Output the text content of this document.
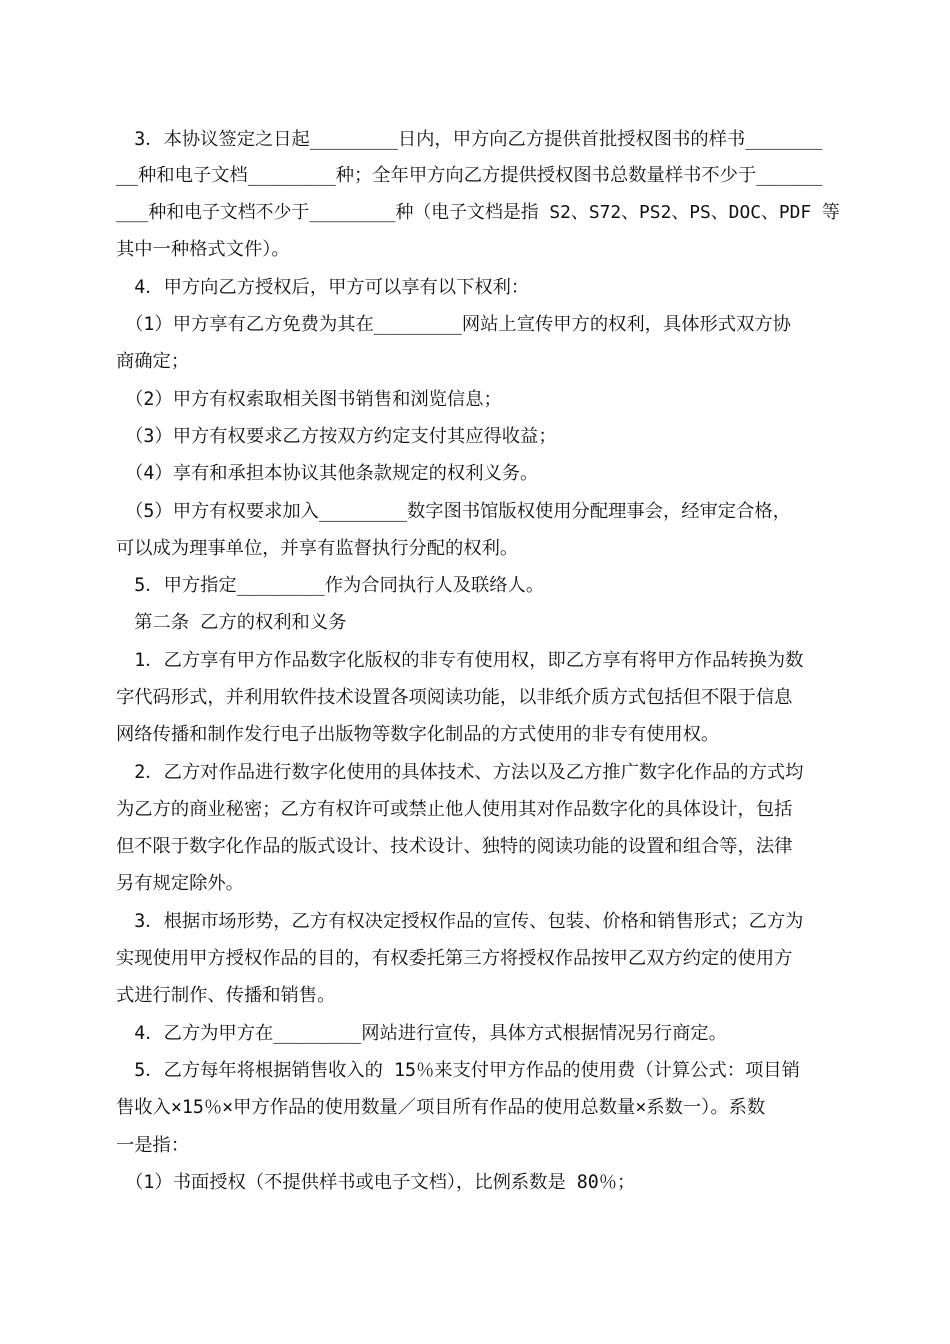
　3．本协议签定之日起________日内，甲方向乙方提供首批授权图书的样书_______

__种和电子文档________种；全年甲方向乙方提供授权图书总数量样书不少于______

___种和电子文档不少于________种（电子文档是指 S2、S72、PS2、PS、DOC、PDF 等

其中一种格式文件）。

　4．甲方向乙方授权后，甲方可以享有以下权利：

　（1）甲方享有乙方免费为其在________网站上宣传甲方的权利，具体形式双方协

商确定；

　（2）甲方有权索取相关图书销售和浏览信息；

　（3）甲方有权要求乙方按双方约定支付其应得收益；

　（4）享有和承担本协议其他条款规定的权利义务。

　（5）甲方有权要求加入________数字图书馆版权使用分配理事会，经审定合格，

可以成为理事单位，并享有监督执行分配的权利。

　5．甲方指定________作为合同执行人及联络人。

　第二条 乙方的权利和义务

　1．乙方享有甲方作品数字化版权的非专有使用权，即乙方享有将甲方作品转换为数

字代码形式，并利用软件技术设置各项阅读功能，以非纸介质方式包括但不限于信息

网络传播和制作发行电子出版物等数字化制品的方式使用的非专有使用权。

　2．乙方对作品进行数字化使用的具体技术、方法以及乙方推广数字化作品的方式均

为乙方的商业秘密；乙方有权许可或禁止他人使用其对作品数字化的具体设计，包括

但不限于数字化作品的版式设计、技术设计、独特的阅读功能的设置和组合等，法律

另有规定除外。

　3．根据市场形势，乙方有权决定授权作品的宣传、包装、价格和销售形式；乙方为

实现使用甲方授权作品的目的，有权委托第三方将授权作品按甲乙双方约定的使用方

式进行制作、传播和销售。

　4．乙方为甲方在________网站进行宣传，具体方式根据情况另行商定。

　5．乙方每年将根据销售收入的 15％来支付甲方作品的使用费（计算公式：项目销

售收入×15％×甲方作品的使用数量／项目所有作品的使用总数量×系数一）。系数

一是指：

　（1）书面授权（不提供样书或电子文档），比例系数是 80％；
